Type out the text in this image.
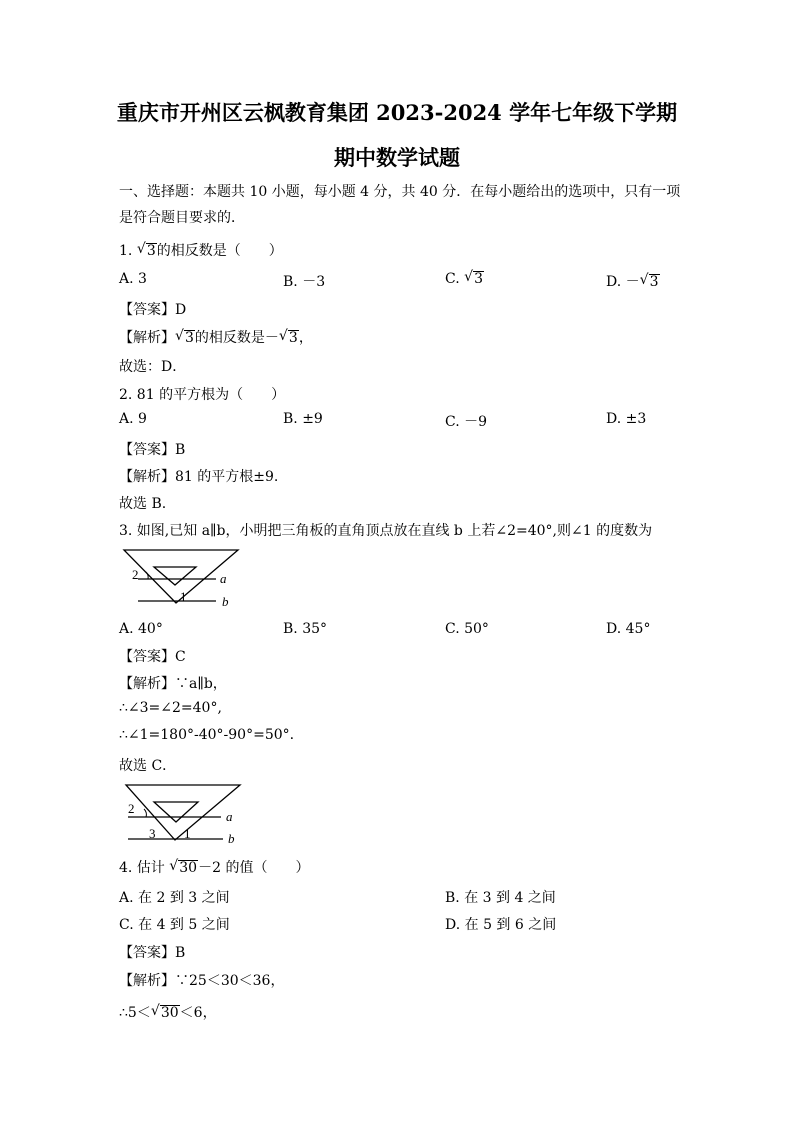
重庆市开州区云枫教育集团 2023-2024 学年七年级下学期
期中数学试题
一、选择题：本题共 10 小题，每小题 4 分，共 40 分．在每小题给出的选项中，只有一项
是符合题目要求的．
1. √ 3的相反数是（　　）
A. 3	B. －3	C. √ 3	D. － √ 3
【答案】D
【解析】 √ 3的相反数是－ √ 3，
故选：D．
2. 81 的平方根为（　　）
A. 9	B. ±9	C. －9	D. ±3
【答案】B
【解析】81 的平方根±9.
故选 B.
3. 如图,已知 a∥b，小明把三角板的直角顶点放在直线 b 上若∠2=40°,则∠1 的度数为
2
1
a
b
A. 40°	B. 35°	C. 50°	D. 45°
【答案】C
【解析】∵a∥b，
∴∠3=∠2=40°,
∴∠1=180°-40°-90°=50°.
故选 C．
2
3 1
a
b
4. 估计 √ 30－2 的值（　　）
A. 在 2 到 3 之间	B. 在 3 到 4 之间
C. 在 4 到 5 之间	D. 在 5 到 6 之间
【答案】B
【解析】∵25＜30＜36，
∴5＜ √ 30＜6，
